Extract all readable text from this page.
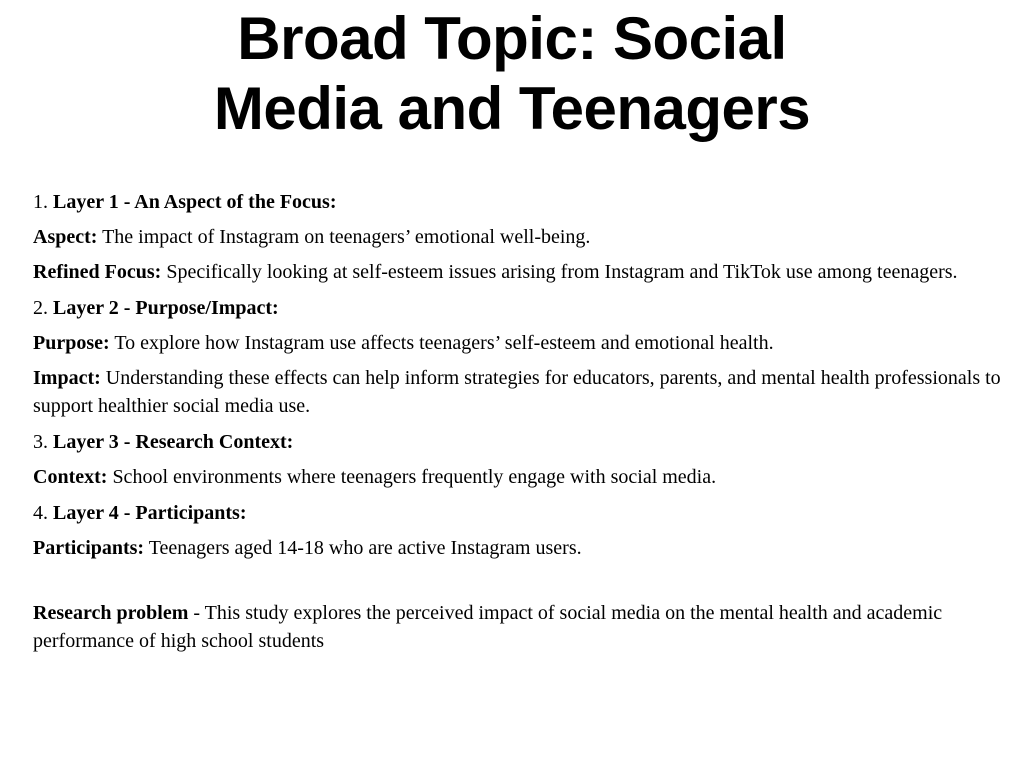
Broad Topic: Social
Media and Teenagers

1. Layer 1 - An Aspect of the Focus:

Aspect: The impact of Instagram on teenagers’ emotional well-being.

Refined Focus: Specifically looking at self-esteem issues arising from Instagram and TikTok use among teenagers.

2. Layer 2 - Purpose/Impact:

Purpose: To explore how Instagram use affects teenagers’ self-esteem and emotional health.

Impact: Understanding these effects can help inform strategies for educators, parents, and mental health professionals to support healthier social media use.

3. Layer 3 - Research Context:

Context: School environments where teenagers frequently engage with social media.

4. Layer 4 - Participants:

Participants: Teenagers aged 14-18 who are active Instagram users.

Research problem - This study explores the perceived impact of social media on the mental health and academic performance of high school students
